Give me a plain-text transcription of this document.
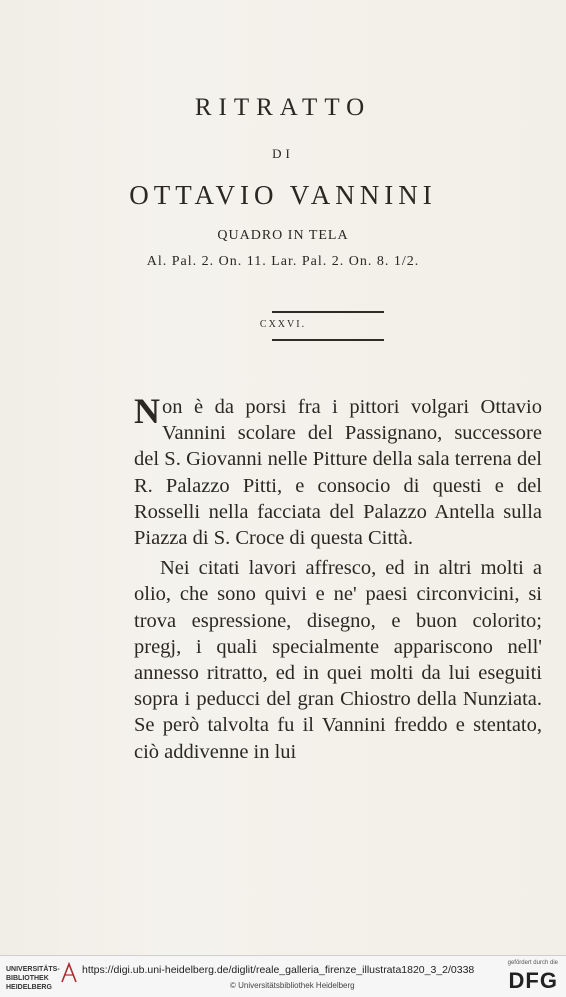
RITRATTO
DI
OTTAVIO VANNINI
QUADRO IN TELA
Al. Pal. 2. On. 11. Lar. Pal. 2. On. 8. 1/2.
CXXVI.

Non è da porsi fra i pittori volgari Ottavio Vannini scolare del Passignano, successore del S. Giovanni nelle Pitture della sala terrena del R. Palazzo Pitti, e consocio di questi e del Rosselli nella facciata del Palazzo Antella sulla Piazza di S. Croce di questa Città.

Nei citati lavori affresco, ed in altri molti a olio, che sono quivi e ne' paesi circonvicini, si trova espressione, disegno, e buon colorito; pregj, i quali specialmente appariscono nell' annesso ritratto, ed in quei molti da lui eseguiti sopra i peducci del gran Chiostro della Nunziata. Se però talvolta fu il Vannini freddo e stentato, ciò addivenne in lui

UNIVERSITÄTS-
BIBLIOTHEK
HEIDELBERG
https://digi.ub.uni-heidelberg.de/diglit/reale_galleria_firenze_illustrata1820_3_2/0338
© Universitätsbibliothek Heidelberg
gefördert durch die
DFG
